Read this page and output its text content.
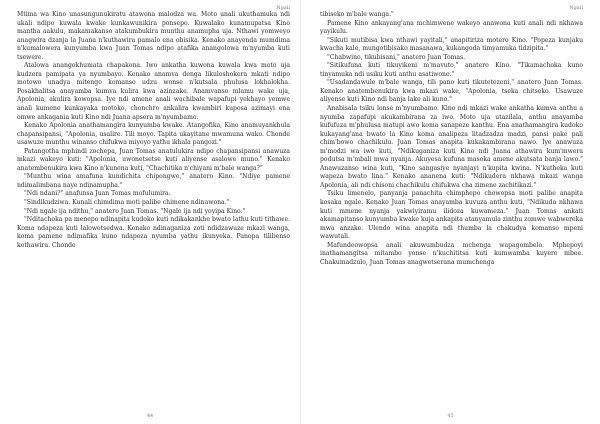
Ngali

Mtima wa Kino unasungunukiratu atawona malodza wa. Moto unali ukuthamuka ndi ukali ndipo kuwala kwake kunkawunikira ponsepo. Kuwalako kunamupatsa Kino mantha aakulu, makamakanso atakumbukira munthu anamupha uja. Nthawi yomweyo anagwira dzanja la Juana n'kuthawira pamalo ena obisika. Kenako anayenda mumdima n'kumalowera kunyumba kwa Juan Tomas ndipo atafika anangolowa m'nyumba kuti tsewere.

Atalowa anangokhumata chapakona. Iwo ankatha kuwona kuwala kwa moto uja kudzera pamipata ya nyumbayo. Kenako anamva denga likuloshokera mkati ndipo motowo unadya mitengo komanso udzu wonse n'kutsala phulusa lokhalokha. Posakhalitsa anayamba kumva kulira kwa azinzake. Anamvanso mlamu wake uja, Apolonia, akulira kowopsa. Iye ndi amene anali wachibale wapafupi yekhayo yemwe anali kumene kunkayaka motoko, chonchro ankalira kwambiri kuposa azimayi ena omwe ankagania kuti Kino ndi Juana apsera m'nyumbamo.

Kenako Apolonia anathamangira kunyumba kwake. Atangofika, Kino anamuyankhula chapansipansi, "Apolonia, usalire. Tili moyo. Tapita ukayitane mwamuna wako. Chonde usawuze munthu winanso chifukwa miyoyo yathu ikhala pangozi."

Patangotha mphindi zochepa, Juan Tomas anatulukira ndipo chapansipansi anawuza mkazi wakeyo kuti: "Apolonia, uwonetsetse kuti aliyense asalowe muno." Kenako anatembenukira kwa Kino n'kunena kuti, "Chachitika n'chiyani m'bale wanga?"

"Munthu wina amafuna kundichita chipongwe," anatero Kino. "Ndiye pamene ndimalimbana naye ndinamupha."

"Ndi ndani?" anafunsa Juan Tomas mofulumira.

"Sindikudziwa. Kunali chimdima moti palibe chimene ndinawona."

"Ndi ngale ija ndithu," anatero Juan Tomas. "Ngale ija ndi yoyipa Kino."

"Nditachoka pa menepo ndinapita kudoko kuti ndikakankhe bwato lathu kuti tithawe. Koma ndapeza kuti lalowetsedwa. Kenako ndinaganiza zoti ndidzawuze mkazi wanga, koma pamene ndimafika kuno ndapeza nyumba yathu ikunyeka. Panopa tilibenso kothawira. Chonde

44
Ngali

tibiseko m'bale wanga."

Pamene Kino ankayang'ana mchimwene wakeyo anawona kuti anali ndi nkhawa yayikulu.

"Sikuti mutibisa kwa nthawi yayitali," anapitiriza motero Kino. "Popeza kunjaku kwacha kale, mungotibisako masanawa, kukangoda timyamuka tidzipita."

"Chabwino, tikubisani," anatero Juan Tomas.

"Sitikufuna kuti tikuyikeni m'mavuto," anatero Kino. "Tikamachoka kuno tinyamuka ndi usiku kuti anthu asatiwone."

"Usadandawule m'bale wanga, tili pano kuti tikutetezeni," anatero Juan Tomas. Kenako anatembenukira kwa mkazi wake, "Apolonia, tseka chitseko. Usawuze aliyense kuti Kino ndi banja lake ali kuno."

Anabisala tsiku lonse m'nyumbamo. Kino ndi mkazi wake ankatha kumva anthu a nyumba zapafupi akukambirana za iwo. Moto uja utazilala, anthu anayamba kufufuza m'phulusa matupi awo koma sanapeze kanthu. Ena anathamangira kudoko kukayang'ana bwato la Kino koma analipeza litadzadza madzi, pansi pake pali chim'bowo chachikulu. Juan Tomas anapita kukakambirana nawo. Iye anawuza m'modzi wa iwo kuti, "Ndikuganiza kuti Kino ndi Juana athawira kum'mwera podutsa m'mbali mwa nyanja. Akuyesa kufuna masoka amene akutsata banja lawo." Anawuzanso wina kuti, "Kino sangasiye nyanjayi n'kupita kwina. N'kutheka kuti wapeza bwato lina." Kenako ananena kuti: "Ndikudera nkhawa mkazi wanga Apolonia, ali ndi chisoni chachikulu chifukwa cha zimene zachitikazi."

Tsiku limenelo, panyanja panachita chimphepo chowopsa moti palibe anapita kosaka ngale. Kenako Juan Tomas anayamba kuvuza anthu kuti, "Ndikuda nkhawa kuti mmene nyanja yakwiyiramu ilidoza kuwameza." Juan Tomas ankati akamapitanso kunyumba kwake kuja ankapita atanyamula zinthu zomwe wabwereka mwa anzake. Ulendo wina anapita ndi thumba la chakudya komanso mpeni wawutali.

Mafundeowopsa anali akuwumbudza mchenga wapagombelo. Mphepoyi inathamangitsa mitambo yonse n'kuchititsa kuti kumwamba kuyere mbee. Chakumadzulo, Juan Tomas anagwetserana mumchenga

45
